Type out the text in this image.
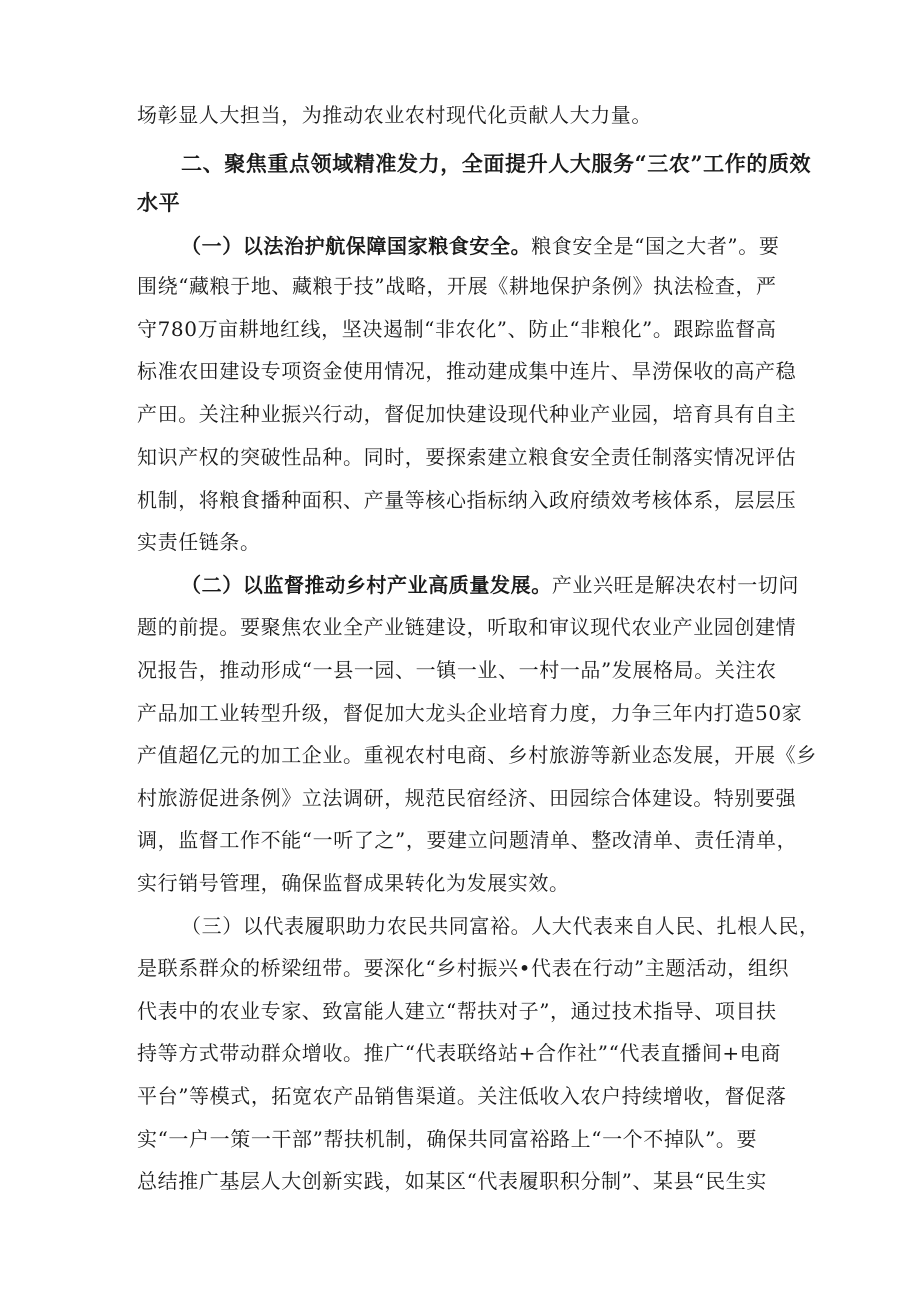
场彰显人大担当，为推动农业农村现代化贡献人大力量。
二、聚焦重点领域精准发力，全面提升人大服务“三农”工作的质效
水平
（一）以法治护航保障国家粮食安全。粮食安全是“国之大者”。要
围绕“藏粮于地、藏粮于技”战略，开展《耕地保护条例》执法检查，严
守780万亩耕地红线，坚决遏制“非农化”、防止“非粮化”。跟踪监督高
标准农田建设专项资金使用情况，推动建成集中连片、旱涝保收的高产稳
产田。关注种业振兴行动，督促加快建设现代种业产业园，培育具有自主
知识产权的突破性品种。同时，要探索建立粮食安全责任制落实情况评估
机制，将粮食播种面积、产量等核心指标纳入政府绩效考核体系，层层压
实责任链条。
（二）以监督推动乡村产业高质量发展。产业兴旺是解决农村一切问
题的前提。要聚焦农业全产业链建设，听取和审议现代农业产业园创建情
况报告，推动形成“一县一园、一镇一业、一村一品”发展格局。关注农
产品加工业转型升级，督促加大龙头企业培育力度，力争三年内打造50家
产值超亿元的加工企业。重视农村电商、乡村旅游等新业态发展，开展《乡
村旅游促进条例》立法调研，规范民宿经济、田园综合体建设。特别要强
调，监督工作不能“一听了之”，要建立问题清单、整改清单、责任清单，
实行销号管理，确保监督成果转化为发展实效。
（三）以代表履职助力农民共同富裕。人大代表来自人民、扎根人民，
是联系群众的桥梁纽带。要深化“乡村振兴•代表在行动”主题活动，组织
代表中的农业专家、致富能人建立“帮扶对子”，通过技术指导、项目扶
持等方式带动群众增收。推广“代表联络站+合作社”“代表直播间+电商
平台”等模式，拓宽农产品销售渠道。关注低收入农户持续增收，督促落
实“一户一策一干部”帮扶机制，确保共同富裕路上“一个不掉队”。要
总结推广基层人大创新实践，如某区“代表履职积分制”、某县“民生实
